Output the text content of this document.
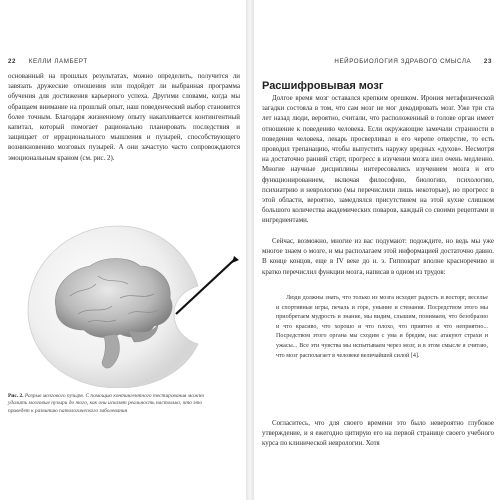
22 КЕЛЛИ ЛАМБЕРТ

основанный на прошлых результатах, можно определить, получится ли завязать дружеские отношения или подойдет ли выбранная программа обучения для достижения карьерного успеха. Другими словами, когда мы обращаем внимание на прошлый опыт, наш поведенческий выбор становится более точным. Благодаря жизненному опыту накапливается контингентный капитал, который помогает рационально планировать последствия и защищает от иррационального мышления и пузырей, способствующего возникновению мозговых пузырей. А они зачастую часто сопровождаются эмоциональным краном (см. рис. 2).

Рис. 2. Разрыв мозгового пузыря. С помощью контингентного тестирования можно удалить мозговые пузыри до того, как они исказят реальность настолько, что это приведет к развитию патологического заболевания
НЕЙРОБИОЛОГИЯ ЗДРАВОГО СМЫСЛА 23
Расшифровывая мозг

Долгое время мозг оставался крепким орешком. Ирония метафизической загадки состояла в том, что сам мозг не мог декодировать мозг. Уже три ста лет назад люди, вероятно, считали, что расположенный в голове орган имеет отношение к поведению человека. Если окружающие замечали странности в поведении человека, лекарь просверливал в его черепе отверстие, то есть проводил трепанацию, чтобы выпустить наружу вредных «духов». Несмотря на достаточно ранний старт, прогресс в изучении мозга шел очень медленно. Многие научные дисциплины интересовались изучением мозга и его функционированием, включая философию, биологию, психологию, психиатрию и неврологию (мы перечислили лишь некоторые), но прогресс в этой области, вероятно, замедлялся присутствием на этой кухне слишком большого количества академических поваров, каждый со своими рецептами и ингредиентами.

Сейчас, возможно, многие из вас подумают: подождите, но ведь мы уже многое знаем о мозге, и мы располагаем этой информацией достаточно давно. В конце концов, еще в IV веке до н. э. Гиппократ вполне красноречиво и кратко перечислил функции мозга, написав в одном из трудов:

Люди должны знать, что только из мозга исходит радость и восторг, веселье и спортивные игры, печаль и горе, уныние и стенания. Посредством этого мы приобретаем мудрость и знание, мы видим, слышим, понимаем, что безобразно и что красиво, что хорошо и что плохо, что приятно и что неприятно... Посредством этого органа мы сходим с ума и бредим, нас атакуют страхи и ужасы... Все эти чувства мы испытываем через мозг, и в этом смысле я считаю, что мозг располагает в человеке величайшей силой [4].

Согласитесь, что для своего времени это было невероятно глубокое утверждение, и я ежегодно цитирую его на первой странице своего учебного курса по клинической неврологии. Хотя
